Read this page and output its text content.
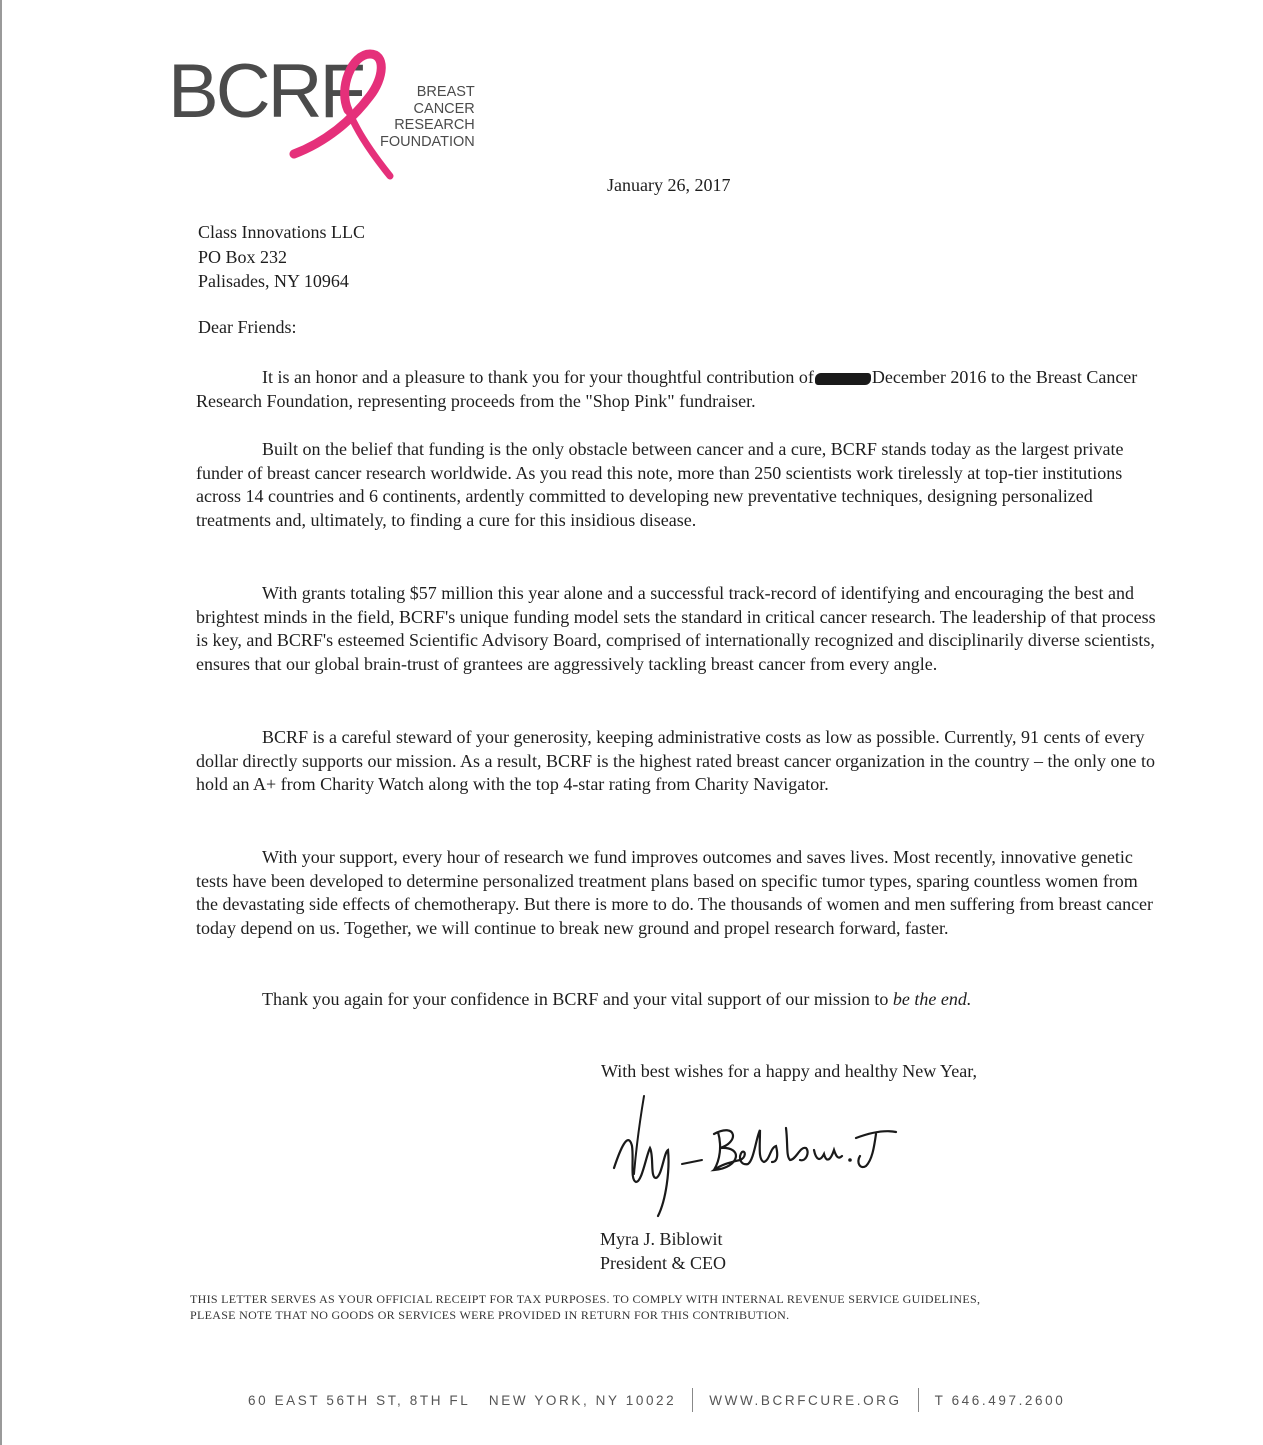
BCRF	BREAST
CANCER
RESEARCH
FOUNDATION
January 26, 2017
Class Innovations LLC
PO Box 232
Palisades, NY 10964
Dear Friends:
It is an honor and a pleasure to thank you for your thoughtful contribution of	December 2016 to the Breast Cancer Research Foundation, representing proceeds from the "Shop Pink" fundraiser.
Built on the belief that funding is the only obstacle between cancer and a cure, BCRF stands today as the largest private funder of breast cancer research worldwide. As you read this note, more than 250 scientists work tirelessly at top-tier institutions across 14 countries and 6 continents, ardently committed to developing new preventative techniques, designing personalized treatments and, ultimately, to finding a cure for this insidious disease.
With grants totaling $57 million this year alone and a successful track-record of identifying and encouraging the best and brightest minds in the field, BCRF's unique funding model sets the standard in critical cancer research. The leadership of that process is key, and BCRF's esteemed Scientific Advisory Board, comprised of internationally recognized and disciplinarily diverse scientists, ensures that our global brain-trust of grantees are aggressively tackling breast cancer from every angle.
BCRF is a careful steward of your generosity, keeping administrative costs as low as possible. Currently, 91 cents of every dollar directly supports our mission. As a result, BCRF is the highest rated breast cancer organization in the country – the only one to hold an A+ from Charity Watch along with the top 4-star rating from Charity Navigator.
With your support, every hour of research we fund improves outcomes and saves lives. Most recently, innovative genetic tests have been developed to determine personalized treatment plans based on specific tumor types, sparing countless women from the devastating side effects of chemotherapy. But there is more to do. The thousands of women and men suffering from breast cancer today depend on us. Together, we will continue to break new ground and propel research forward, faster.
Thank you again for your confidence in BCRF and your vital support of our mission to be the end.
With best wishes for a happy and healthy New Year,
Myra J. Biblowit
President & CEO
THIS LETTER SERVES AS YOUR OFFICIAL RECEIPT FOR TAX PURPOSES. TO COMPLY WITH INTERNAL REVENUE SERVICE GUIDELINES,
PLEASE NOTE THAT NO GOODS OR SERVICES WERE PROVIDED IN RETURN FOR THIS CONTRIBUTION.
60 EAST 56TH ST, 8TH FL   NEW YORK, NY 10022 WWW.BCRFCURE.ORG T 646.497.2600
